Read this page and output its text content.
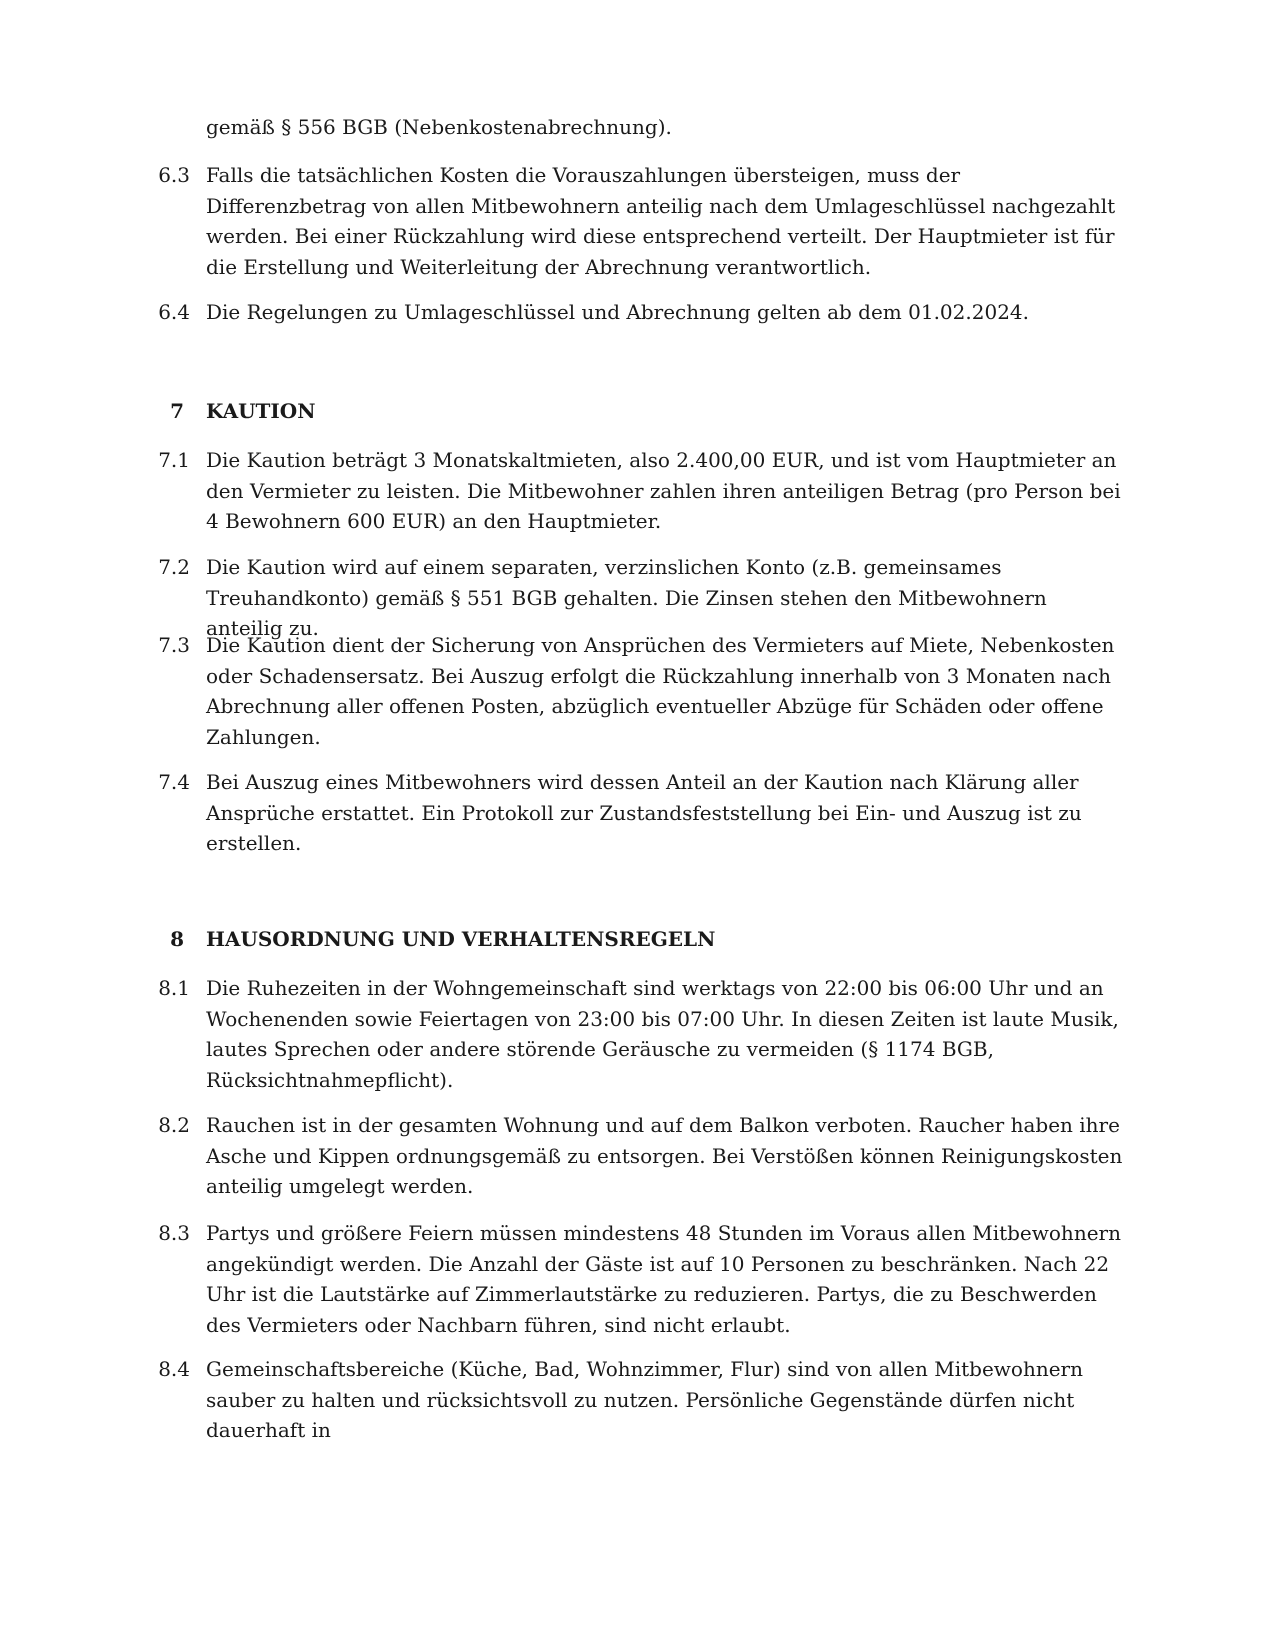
gemäß § 556 BGB (Nebenkostenabrechnung).
6.3 Falls die tatsächlichen Kosten die Vorauszahlungen übersteigen, muss der Differenzbetrag von allen Mitbewohnern anteilig nach dem Umlageschlüssel nachgezahlt werden. Bei einer Rückzahlung wird diese entsprechend verteilt. Der Hauptmieter ist für die Erstellung und Weiterleitung der Abrechnung verantwortlich.
6.4 Die Regelungen zu Umlageschlüssel und Abrechnung gelten ab dem 01.02.2024.
7 KAUTION
7.1 Die Kaution beträgt 3 Monatskaltmieten, also 2.400,00 EUR, und ist vom Hauptmieter an den Vermieter zu leisten. Die Mitbewohner zahlen ihren anteiligen Betrag (pro Person bei 4 Bewohnern 600 EUR) an den Hauptmieter.
7.2 Die Kaution wird auf einem separaten, verzinslichen Konto (z.B. gemeinsames Treuhandkonto) gemäß § 551 BGB gehalten. Die Zinsen stehen den Mitbewohnern anteilig zu.
7.3 Die Kaution dient der Sicherung von Ansprüchen des Vermieters auf Miete, Nebenkosten oder Schadensersatz. Bei Auszug erfolgt die Rückzahlung innerhalb von 3 Monaten nach Abrechnung aller offenen Posten, abzüglich eventueller Abzüge für Schäden oder offene Zahlungen.
7.4 Bei Auszug eines Mitbewohners wird dessen Anteil an der Kaution nach Klärung aller Ansprüche erstattet. Ein Protokoll zur Zustandsfeststellung bei Ein- und Auszug ist zu erstellen.
8 HAUSORDNUNG UND VERHALTENSREGELN
8.1 Die Ruhezeiten in der Wohngemeinschaft sind werktags von 22:00 bis 06:00 Uhr und an Wochenenden sowie Feiertagen von 23:00 bis 07:00 Uhr. In diesen Zeiten ist laute Musik, lautes Sprechen oder andere störende Geräusche zu vermeiden (§ 1174 BGB, Rücksichtnahmepflicht).
8.2 Rauchen ist in der gesamten Wohnung und auf dem Balkon verboten. Raucher haben ihre Asche und Kippen ordnungsgemäß zu entsorgen. Bei Verstößen können Reinigungskosten anteilig umgelegt werden.
8.3 Partys und größere Feiern müssen mindestens 48 Stunden im Voraus allen Mitbewohnern angekündigt werden. Die Anzahl der Gäste ist auf 10 Personen zu beschränken. Nach 22 Uhr ist die Lautstärke auf Zimmerlautstärke zu reduzieren. Partys, die zu Beschwerden des Vermieters oder Nachbarn führen, sind nicht erlaubt.
8.4 Gemeinschaftsbereiche (Küche, Bad, Wohnzimmer, Flur) sind von allen Mitbewohnern sauber zu halten und rücksichtsvoll zu nutzen. Persönliche Gegenstände dürfen nicht dauerhaft in
